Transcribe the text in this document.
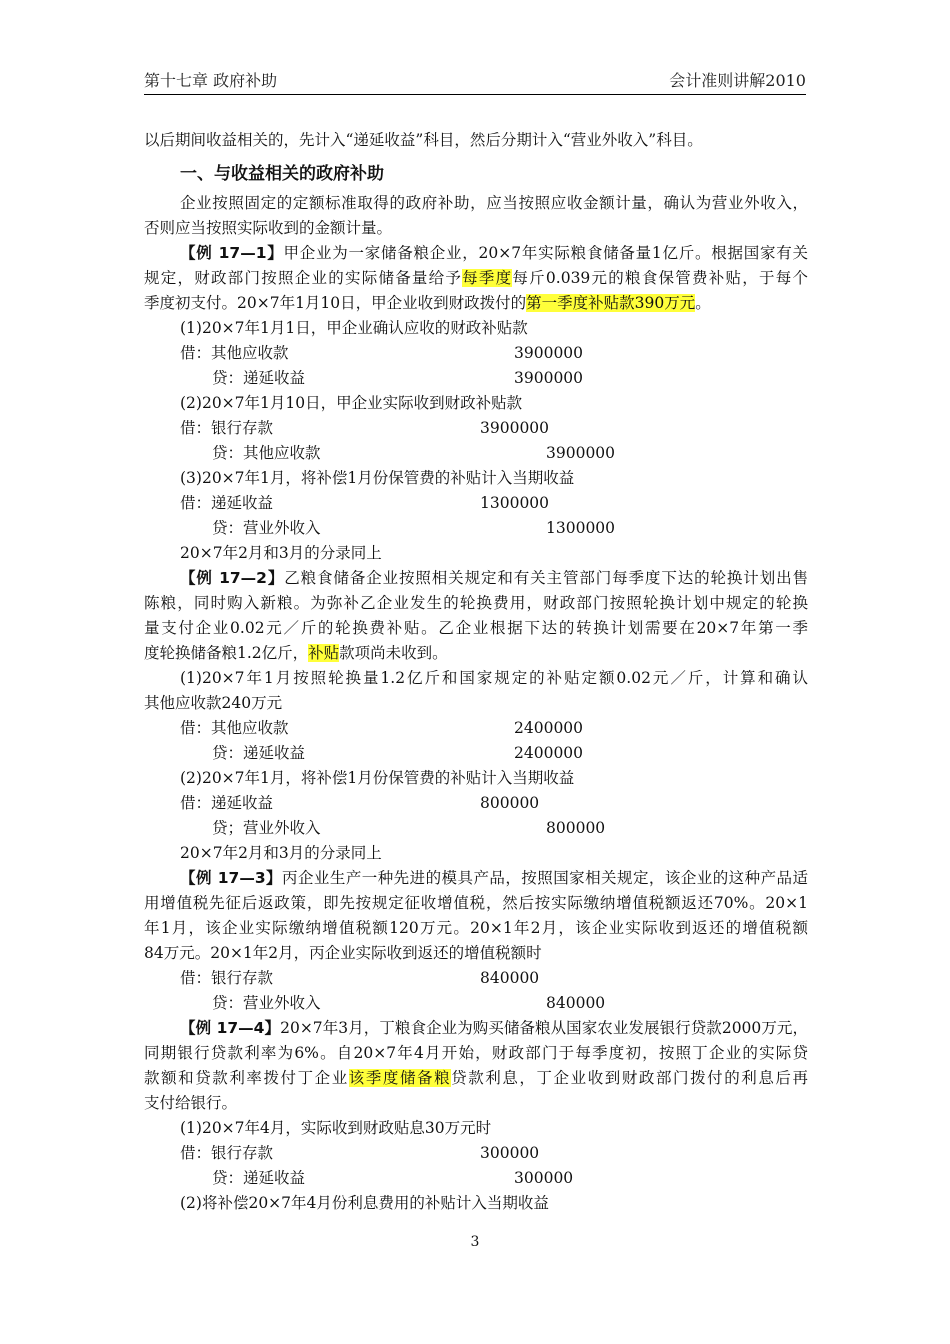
第十七章 政府补助	会计准则讲解2010
以后期间收益相关的，先计入“递延收益”科目，然后分期计入“营业外收入”科目。
一、与收益相关的政府补助
企业按照固定的定额标准取得的政府补助，应当按照应收金额计量，确认为营业外收入，
否则应当按照实际收到的金额计量。
【例 17—1】甲企业为一家储备粮企业，20×7年实际粮食储备量1亿斤。根据国家有关
规定，财政部门按照企业的实际储备量给予每季度每斤0.039元的粮食保管费补贴，于每个
季度初支付。20×7年1月10日，甲企业收到财政拨付的第一季度补贴款390万元。
(1)20×7年1月1日，甲企业确认应收的财政补贴款
借：其他应收款	3900000
贷：递延收益	3900000
(2)20×7年1月10日，甲企业实际收到财政补贴款
借：银行存款	3900000
贷：其他应收款	3900000
(3)20×7年1月，将补偿1月份保管费的补贴计入当期收益
借：递延收益	1300000
贷：营业外收入	1300000
20×7年2月和3月的分录同上
【例 17—2】乙粮食储备企业按照相关规定和有关主管部门每季度下达的轮换计划出售
陈粮，同时购入新粮。为弥补乙企业发生的轮换费用，财政部门按照轮换计划中规定的轮换
量支付企业0.02元／斤的轮换费补贴。乙企业根据下达的转换计划需要在20×7年第一季
度轮换储备粮1.2亿斤，补贴款项尚未收到。
(1)20×7年1月按照轮换量1.2亿斤和国家规定的补贴定额0.02元／斤，计算和确认
其他应收款240万元
借：其他应收款	2400000
贷：递延收益	2400000
(2)20×7年1月，将补偿1月份保管费的补贴计入当期收益
借：递延收益	800000
贷；营业外收入	800000
20×7年2月和3月的分录同上
【例 17—3】丙企业生产一种先进的模具产品，按照国家相关规定，该企业的这种产品适
用增值税先征后返政策，即先按规定征收增值税，然后按实际缴纳增值税额返还70%。20×1
年1月，该企业实际缴纳增值税额120万元。20×1年2月，该企业实际收到返还的增值税额
84万元。20×1年2月，丙企业实际收到返还的增值税额时
借：银行存款	840000
贷：营业外收入	840000
【例 17—4】20×7年3月，丁粮食企业为购买储备粮从国家农业发展银行贷款2000万元，
同期银行贷款利率为6%。自20×7年4月开始，财政部门于每季度初，按照丁企业的实际贷
款额和贷款利率拨付丁企业该季度储备粮贷款利息，丁企业收到财政部门拨付的利息后再
支付给银行。
(1)20×7年4月，实际收到财政贴息30万元时
借：银行存款	300000
贷：递延收益	300000
(2)将补偿20×7年4月份利息费用的补贴计入当期收益
3
